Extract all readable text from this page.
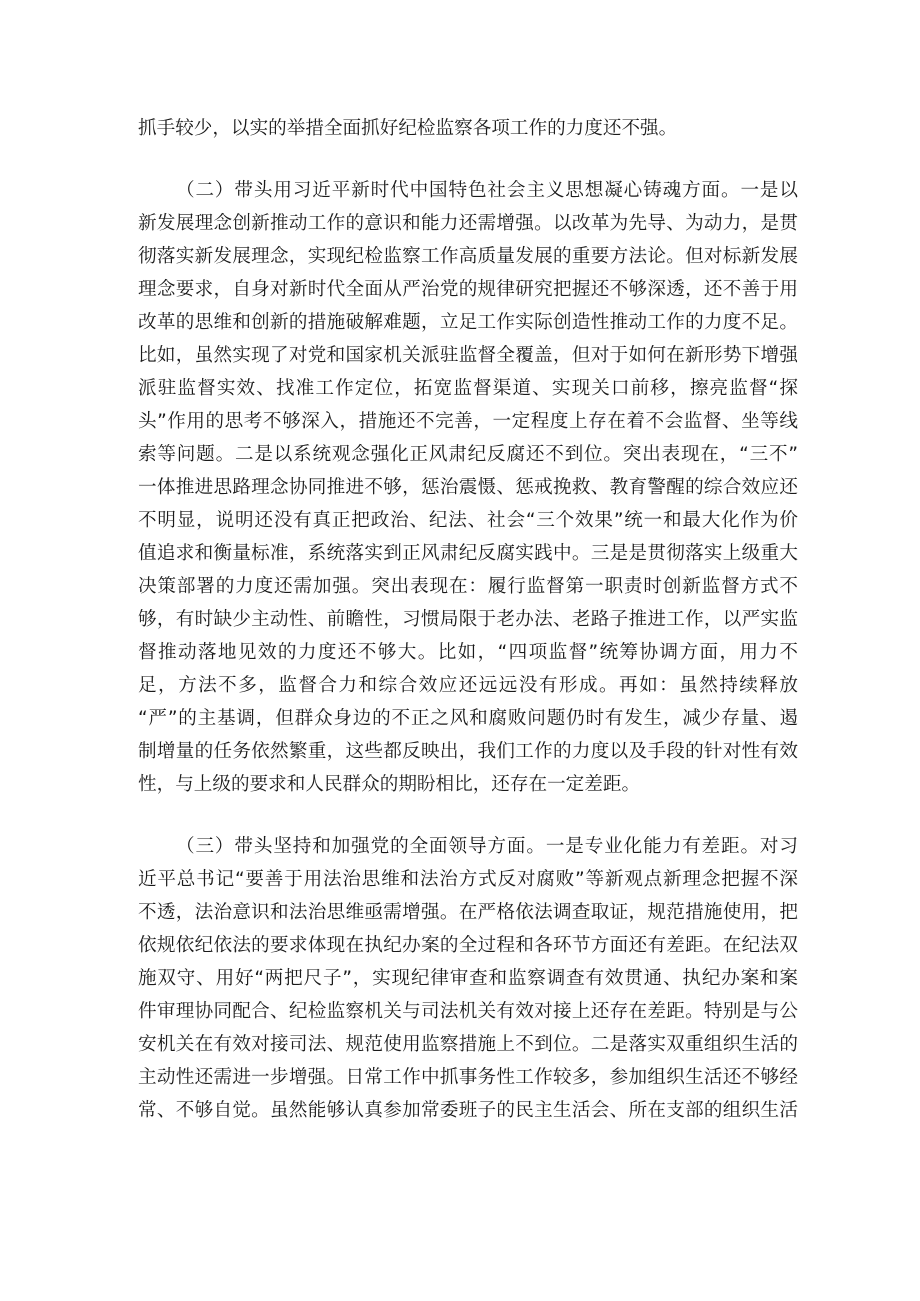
抓手较少，以实的举措全面抓好纪检监察各项工作的力度还不强。
（二）带头用习近平新时代中国特色社会主义思想凝心铸魂方面。一是以
新发展理念创新推动工作的意识和能力还需增强。以改革为先导、为动力，是贯
彻落实新发展理念，实现纪检监察工作高质量发展的重要方法论。但对标新发展
理念要求，自身对新时代全面从严治党的规律研究把握还不够深透，还不善于用
改革的思维和创新的措施破解难题，立足工作实际创造性推动工作的力度不足。
比如，虽然实现了对党和国家机关派驻监督全覆盖，但对于如何在新形势下增强
派驻监督实效、找准工作定位，拓宽监督渠道、实现关口前移，擦亮监督“探
头”作用的思考不够深入，措施还不完善，一定程度上存在着不会监督、坐等线
索等问题。二是以系统观念强化正风肃纪反腐还不到位。突出表现在，“三不”
一体推进思路理念协同推进不够，惩治震慑、惩戒挽救、教育警醒的综合效应还
不明显，说明还没有真正把政治、纪法、社会“三个效果”统一和最大化作为价
值追求和衡量标准，系统落实到正风肃纪反腐实践中。三是是贯彻落实上级重大
决策部署的力度还需加强。突出表现在：履行监督第一职责时创新监督方式不
够，有时缺少主动性、前瞻性，习惯局限于老办法、老路子推进工作，以严实监
督推动落地见效的力度还不够大。比如，“四项监督”统筹协调方面，用力不
足，方法不多，监督合力和综合效应还远远没有形成。再如：虽然持续释放
“严”的主基调，但群众身边的不正之风和腐败问题仍时有发生，减少存量、遏
制增量的任务依然繁重，这些都反映出，我们工作的力度以及手段的针对性有效
性，与上级的要求和人民群众的期盼相比，还存在一定差距。
（三）带头坚持和加强党的全面领导方面。一是专业化能力有差距。对习
近平总书记“要善于用法治思维和法治方式反对腐败”等新观点新理念把握不深
不透，法治意识和法治思维亟需增强。在严格依法调查取证，规范措施使用，把
依规依纪依法的要求体现在执纪办案的全过程和各环节方面还有差距。在纪法双
施双守、用好“两把尺子”，实现纪律审查和监察调查有效贯通、执纪办案和案
件审理协同配合、纪检监察机关与司法机关有效对接上还存在差距。特别是与公
安机关在有效对接司法、规范使用监察措施上不到位。二是落实双重组织生活的
主动性还需进一步增强。日常工作中抓事务性工作较多，参加组织生活还不够经
常、不够自觉。虽然能够认真参加常委班子的民主生活会、所在支部的组织生活
